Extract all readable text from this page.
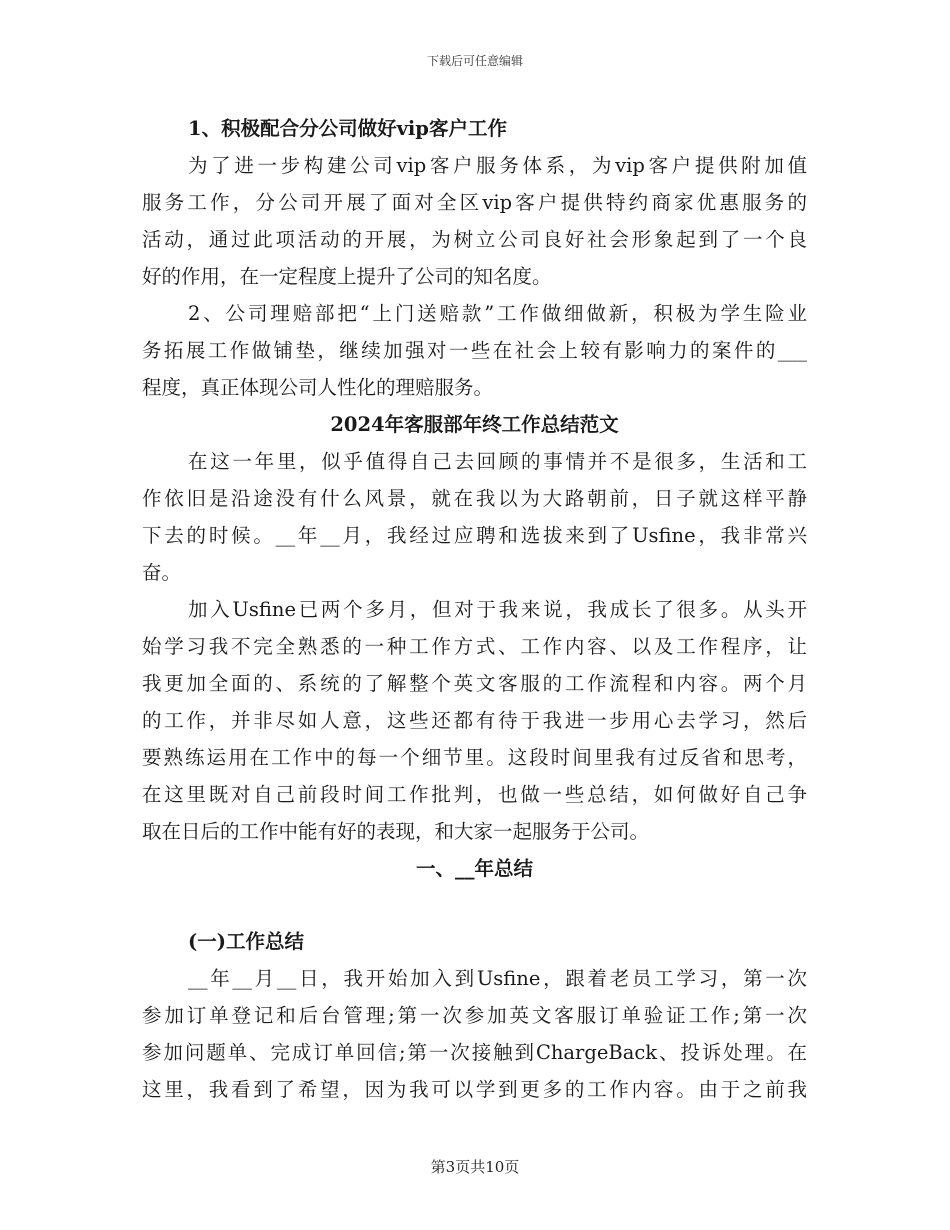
下载后可任意编辑
1、积极配合分公司做好vip客户工作
为了进一步构建公司vip客户服务体系，为vip客户提供附加值
服务工作，分公司开展了面对全区vip客户提供特约商家优惠服务的
活动，通过此项活动的开展，为树立公司良好社会形象起到了一个良
好的作用，在一定程度上提升了公司的知名度。
2、公司理赔部把“上门送赔款”工作做细做新，积极为学生险业
务拓展工作做铺垫，继续加强对一些在社会上较有影响力的案件的___
程度，真正体现公司人性化的理赔服务。
2024年客服部年终工作总结范文
在这一年里，似乎值得自己去回顾的事情并不是很多，生活和工
作依旧是沿途没有什么风景，就在我以为大路朝前，日子就这样平静
下去的时候。__年__月，我经过应聘和选拔来到了Usfine，我非常兴
奋。
加入Usfine已两个多月，但对于我来说，我成长了很多。从头开
始学习我不完全熟悉的一种工作方式、工作内容、以及工作程序，让
我更加全面的、系统的了解整个英文客服的工作流程和内容。两个月
的工作，并非尽如人意，这些还都有待于我进一步用心去学习，然后
要熟练运用在工作中的每一个细节里。这段时间里我有过反省和思考，
在这里既对自己前段时间工作批判，也做一些总结，如何做好自己争
取在日后的工作中能有好的表现，和大家一起服务于公司。
一、__年总结
(一)工作总结
__年__月__日，我开始加入到Usfine，跟着老员工学习，第一次
参加订单登记和后台管理;第一次参加英文客服订单验证工作;第一次
参加问题单、完成订单回信;第一次接触到ChargeBack、投诉处理。在
这里，我看到了希望，因为我可以学到更多的工作内容。由于之前我
第3页共10页
